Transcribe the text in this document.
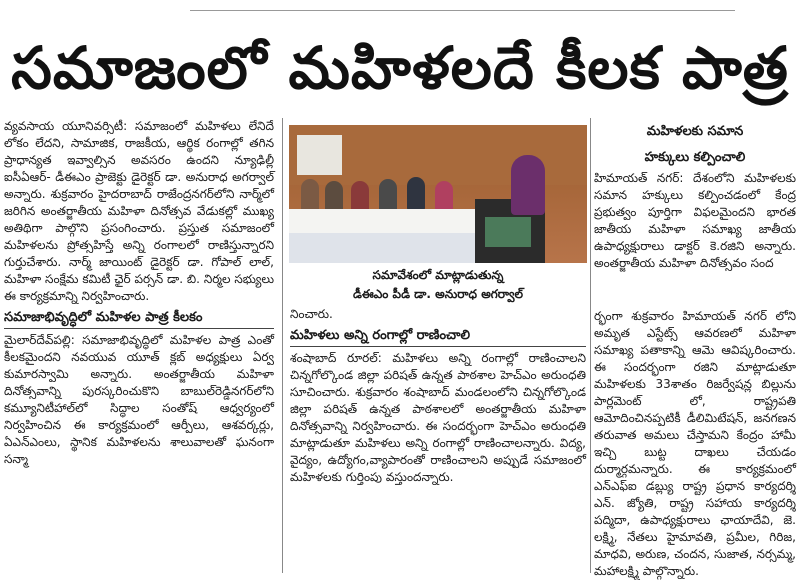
సమాజంలో మహిళలదే కీలక పాత్ర

వ్యవసాయ యూనివర్సిటీ: సమాజంలో మహిళలు లేనిదే లోకం లేదని, సామాజిక, రాజకీయ, ఆర్థిక రంగాల్లో తగిన ప్రాధాన్యత ఇవ్వాల్సిన అవసరం ఉందని న్యూఢిల్లీ ఐసీఏఆర్‌- డీఈఎం ప్రాజెక్టు డైరెక్టర్‌ డా. అనురాధ అగర్వాల్‌ అన్నారు. శుక్రవారం హైదరాబాద్‌ రాజేంద్రనగర్‌లోని నార్మ్‌లో జరిగిన అంతర్జాతీయ మహిళా దినోత్సవ వేడుకల్లో ముఖ్య అతిథిగా పాల్గొని ప్రసంగించారు. ప్రస్తుత సమాజంలో మహిళలను ప్రోత్సహిస్తే అన్ని రంగాలలో రాణిస్తున్నారని గుర్తుచేశారు. నార్మ్‌ జాయింట్‌ డైరెక్టర్‌ డా. గోపాల్‌ లాల్‌, మహిళా సంక్షేమ కమిటీ ఛైర్‌ పర్సన్‌ డా. బి. నిర్మల సభ్యులు ఈ కార్యక్రమాన్ని నిర్వహించారు.

సమాజాభివృద్ధిలో మహిళల పాత్ర కీలకం

మైలార్‌దేవ్‌పల్లి: సమాజాభివృద్ధిలో మహిళల పాత్ర ఎంతో కీలకమైందని నవయువ యూత్‌ క్లబ్‌ అధ్యక్షులు ఏర్వ కుమారస్వామి అన్నారు. అంతర్జాతీయ మహిళా దినోత్సవాన్ని పురస్కరించుకొని బాబుల్‌రెడ్డినగర్‌లోని కమ్యూనిటీహాల్‌లో సిద్ధాల సంతోష్‌ ఆధ్వర్యంలో నిర్వహించిన ఈ కార్యక్రమంలో ఆర్పీలు, ఆశవర్కర్లు, ఏఎన్‌ఎంలు, స్థానిక మహిళలను శాలువాలతో ఘనంగా సన్మా

సమావేశంలో మాట్లాడుతున్న
డీఈఎం పీడీ డా. అనురాధ అగర్వాల్‌

నించారు.

మహిళలు అన్ని రంగాల్లో రాణించాలి

శంషాబాద్‌ రూరల్‌: మహిళలు అన్ని రంగాల్లో రాణించాలని చిన్నగోల్కొండ జిల్లా పరిషత్‌ ఉన్నత పాఠశాల హెచ్‌ఎం అరుంధతి సూచించారు. శుక్రవారం శంషాబాద్‌ మండలంలోని చిన్నగోల్కొండ జిల్లా పరిషత్‌ ఉన్నత పాఠశాలలో అంతర్జాతీయ మహిళా దినోత్సవాన్ని నిర్వహించారు. ఈ సందర్భంగా హెచ్‌ఎం అరుంధతి మాట్లాడుతూ మహిళలు అన్ని రంగాల్లో రాణించాలన్నారు. విద్య, వైద్యం, ఉద్యోగం,వ్యాపారంతో రాణించాలని అప్పుడే సమాజంలో మహిళలకు గుర్తింపు వస్తుందన్నారు.

మహిళలకు సమాన
హక్కులు కల్పించాలి

హిమాయత్‌ నగర్‌: దేశంలోని మహిళలకు సమాన హక్కులు కల్పించడంలో కేంద్ర ప్రభుత్వం పూర్తిగా విఫలమైందని భారత జాతీయ మహిళా సమాఖ్య జాతీయ ఉపాధ్యక్షురాలు డాక్టర్‌ కె.రజిని అన్నారు. అంతర్జాతీయ మహిళా దినోత్సవం సంద

ర్భంగా శుక్రవారం హిమాయత్‌ నగర్‌ లోని అమృత ఎస్టేట్స్‌ ఆవరణలో మహిళా సమాఖ్య పతాకాన్ని ఆమె ఆవిష్కరించారు. ఈ సందర్భంగా రజిని మాట్లాడుతూ మహిళలకు 33శాతం రిజర్వేషన్ల బిల్లును పార్లమెంట్‌ లో, రాష్ట్రపతి ఆమోదించినప్పటికీ డీలిమిటేషన్‌, జనగణన తరువాత అమలు చేస్తామని కేంద్రం హామీ ఇచ్చి బుట్ట దాఖలు చేయడం దుర్మార్గమన్నారు. ఈ కార్యక్రమంలో ఎన్‌ఎఫ్‌ఐ డబ్ల్యు రాష్ట్ర ప్రధాన కార్యదర్శి ఎన్‌. జ్యోతి, రాష్ట్ర సహాయ కార్యదర్శి పద్మిదా, ఉపాధ్యక్షురాలు ఛాయాదేవి, జె. లక్ష్మి, నేతలు హైమావతి, ప్రమీల, గిరిజ, మాధవి, అరుణ, చందన, సుజాత, నర్సమ్మ, మహాలక్ష్మి పాల్గొన్నారు.
